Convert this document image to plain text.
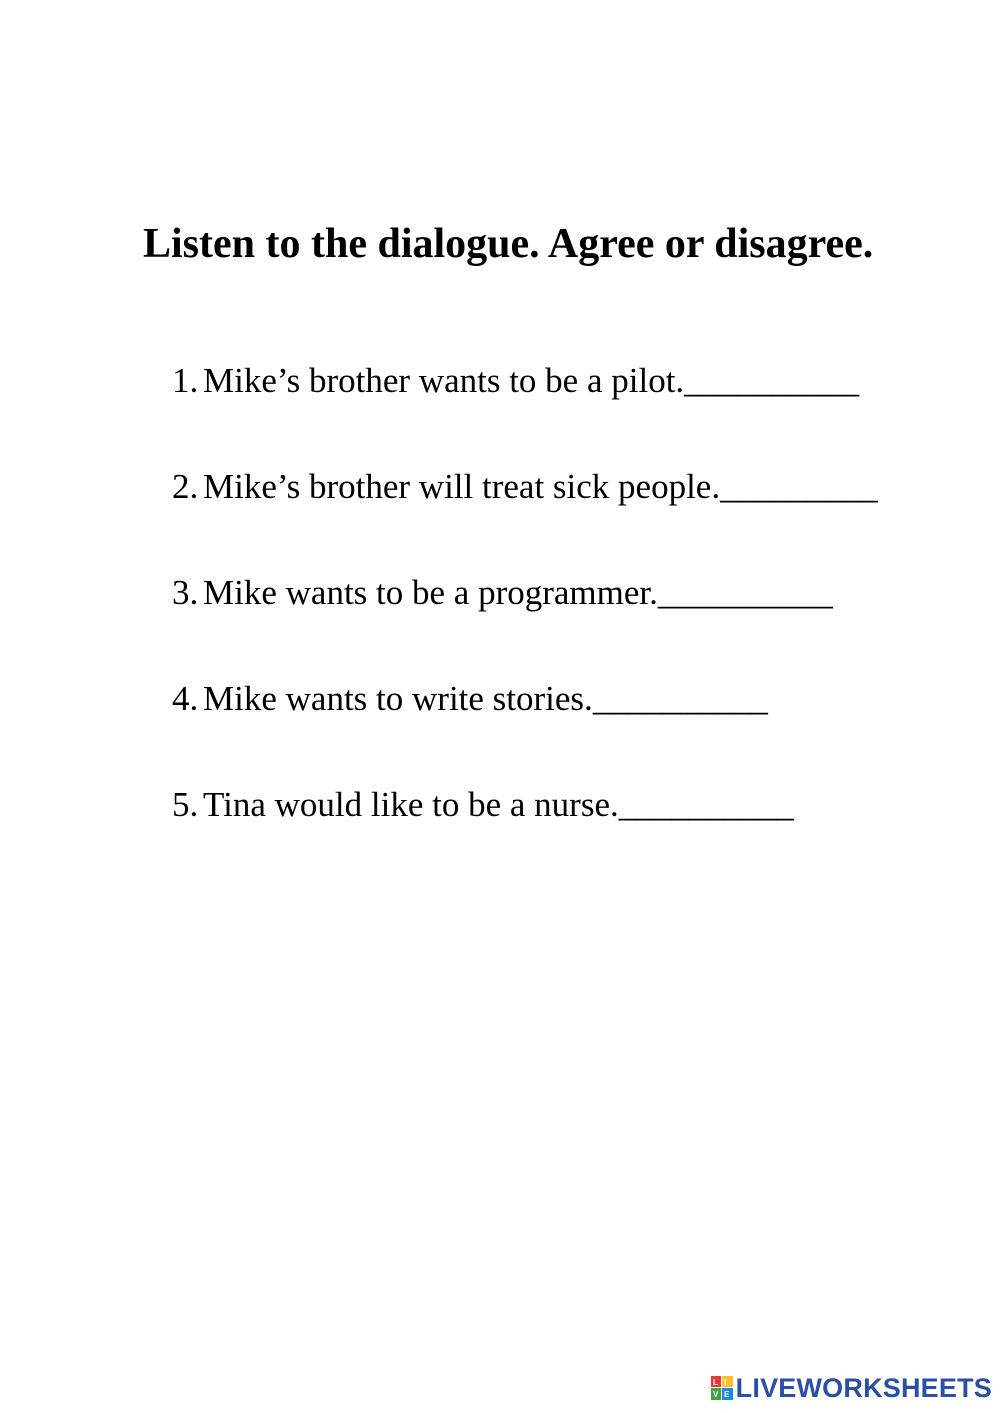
Listen to the dialogue. Agree or disagree.
1. Mike’s brother wants to be a pilot. __________
2. Mike’s brother will treat sick people. _________
3. Mike wants to be a programmer. __________
4. Mike wants to write stories. __________
5. Tina would like to be a nurse. __________
L I
V E LIVEWORKSHEETS
